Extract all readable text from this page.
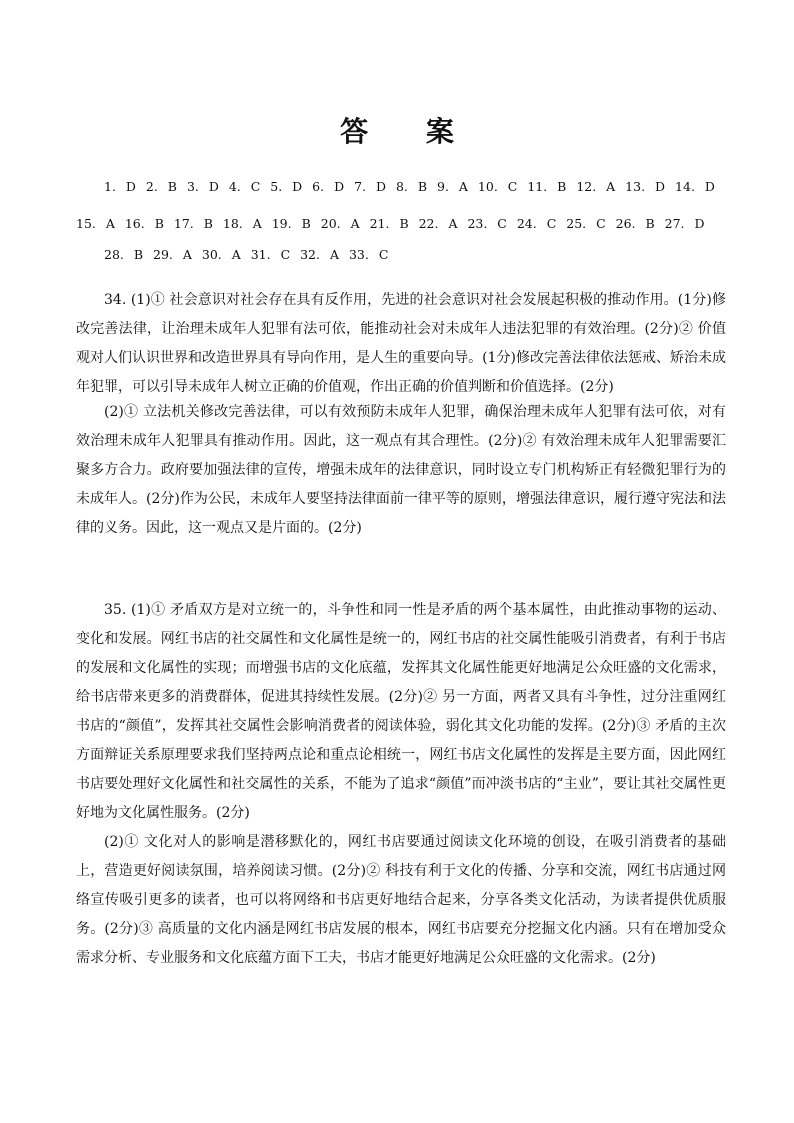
答 案
1. D 2. B 3. D 4. C 5. D 6. D 7. D 8. B 9. A 10. C 11. B 12. A 13. D 14. D 15. A 16. B 17. B 18. A 19. B 20. A 21. B 22. A 23. C 24. C 25. C 26. B 27. D
28. B 29. A 30. A 31. C 32. A 33. C
34. (1)① 社会意识对社会存在具有反作用，先进的社会意识对社会发展起积极的推动作用。(1分)修改完善法律，让治理未成年人犯罪有法可依，能推动社会对未成年人违法犯罪的有效治理。(2分)② 价值观对人们认识世界和改造世界具有导向作用，是人生的重要向导。(1分)修改完善法律依法惩戒、矫治未成年犯罪，可以引导未成年人树立正确的价值观，作出正确的价值判断和价值选择。(2分)
(2)① 立法机关修改完善法律，可以有效预防未成年人犯罪，确保治理未成年人犯罪有法可依，对有效治理未成年人犯罪具有推动作用。因此，这一观点有其合理性。(2分)② 有效治理未成年人犯罪需要汇聚多方合力。政府要加强法律的宣传，增强未成年的法律意识，同时设立专门机构矫正有轻微犯罪行为的未成年人。(2分)作为公民，未成年人要坚持法律面前一律平等的原则，增强法律意识，履行遵守宪法和法律的义务。因此，这一观点又是片面的。(2分)
35. (1)① 矛盾双方是对立统一的，斗争性和同一性是矛盾的两个基本属性，由此推动事物的运动、变化和发展。网红书店的社交属性和文化属性是统一的，网红书店的社交属性能吸引消费者，有利于书店的发展和文化属性的实现；而增强书店的文化底蕴，发挥其文化属性能更好地满足公众旺盛的文化需求，给书店带来更多的消费群体，促进其持续性发展。(2分)② 另一方面，两者又具有斗争性，过分注重网红书店的“颜值”，发挥其社交属性会影响消费者的阅读体验，弱化其文化功能的发挥。(2分)③ 矛盾的主次方面辩证关系原理要求我们坚持两点论和重点论相统一，网红书店文化属性的发挥是主要方面，因此网红书店要处理好文化属性和社交属性的关系，不能为了追求“颜值”而冲淡书店的“主业”，要让其社交属性更好地为文化属性服务。(2分)
(2)① 文化对人的影响是潜移默化的，网红书店要通过阅读文化环境的创设，在吸引消费者的基础上，营造更好阅读氛围，培养阅读习惯。(2分)② 科技有利于文化的传播、分享和交流，网红书店通过网络宣传吸引更多的读者，也可以将网络和书店更好地结合起来，分享各类文化活动，为读者提供优质服务。(2分)③ 高质量的文化内涵是网红书店发展的根本，网红书店要充分挖掘文化内涵。只有在增加受众需求分析、专业服务和文化底蕴方面下工夫，书店才能更好地满足公众旺盛的文化需求。(2分)
